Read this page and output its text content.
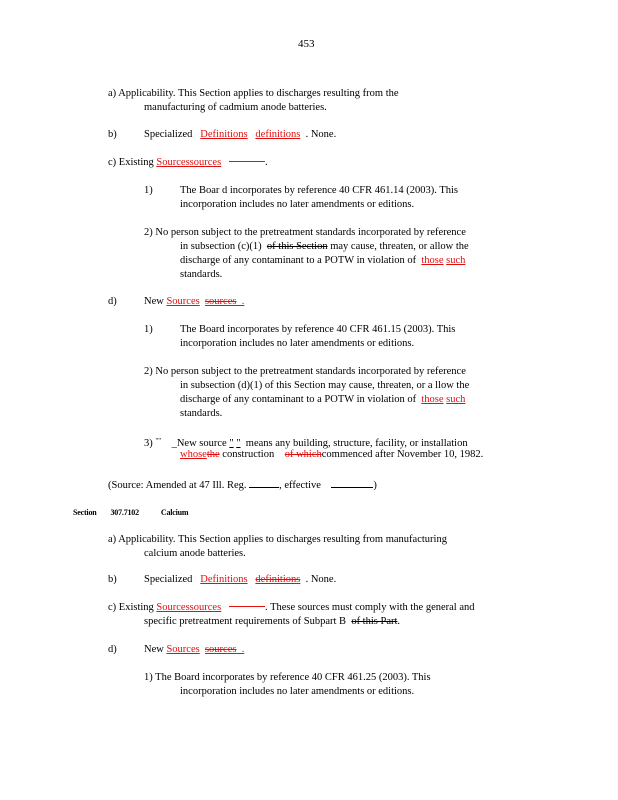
453
a) Applicability. This Section applies to discharges resulting from the
manufacturing of cadmium anode batteries.
b)	Specialized Definitions definitions . None.
c) Existing Sourcessources	.
1)	The Boar d incorporates by reference 40 CFR 461.14 (2003). This
incorporation includes no later amendments or editions.
2) No person subject to the pretreatment standards incorporated by reference
in subsection (c)(1) of this Section may cause, threaten, or allow the
discharge of any contaminant to a POTW in violation of those such
standards.
d)	New Sources sources  .
1)	The Board incorporates by reference 40 CFR 461.15 (2003). This
incorporation includes no later amendments or editions.
2) No person subject to the pretreatment standards incorporated by reference
in subsection (d)(1) of this Section may cause, threaten, or a llow the
discharge of any contaminant to a POTW in violation of those such
standards.
3) "" _New source " " means any building, structure, facility, or installation
whosethe construction of whichcommenced after November 10, 1982.
(Source: Amended at 47 Ill. Reg.	, effective	)
Section 307.7102	Calcium
a) Applicability. This Section applies to discharges resulting from manufacturing
calcium anode batteries.
b)	Specialized Definitions definitions . None.
c) Existing Sourcessources	. These sources must comply with the general and
specific pretreatment requirements of Subpart B of this Part.
d)	New Sources sources  .
1) The Board incorporates by reference 40 CFR 461.25 (2003). This
incorporation includes no later amendments or editions.
